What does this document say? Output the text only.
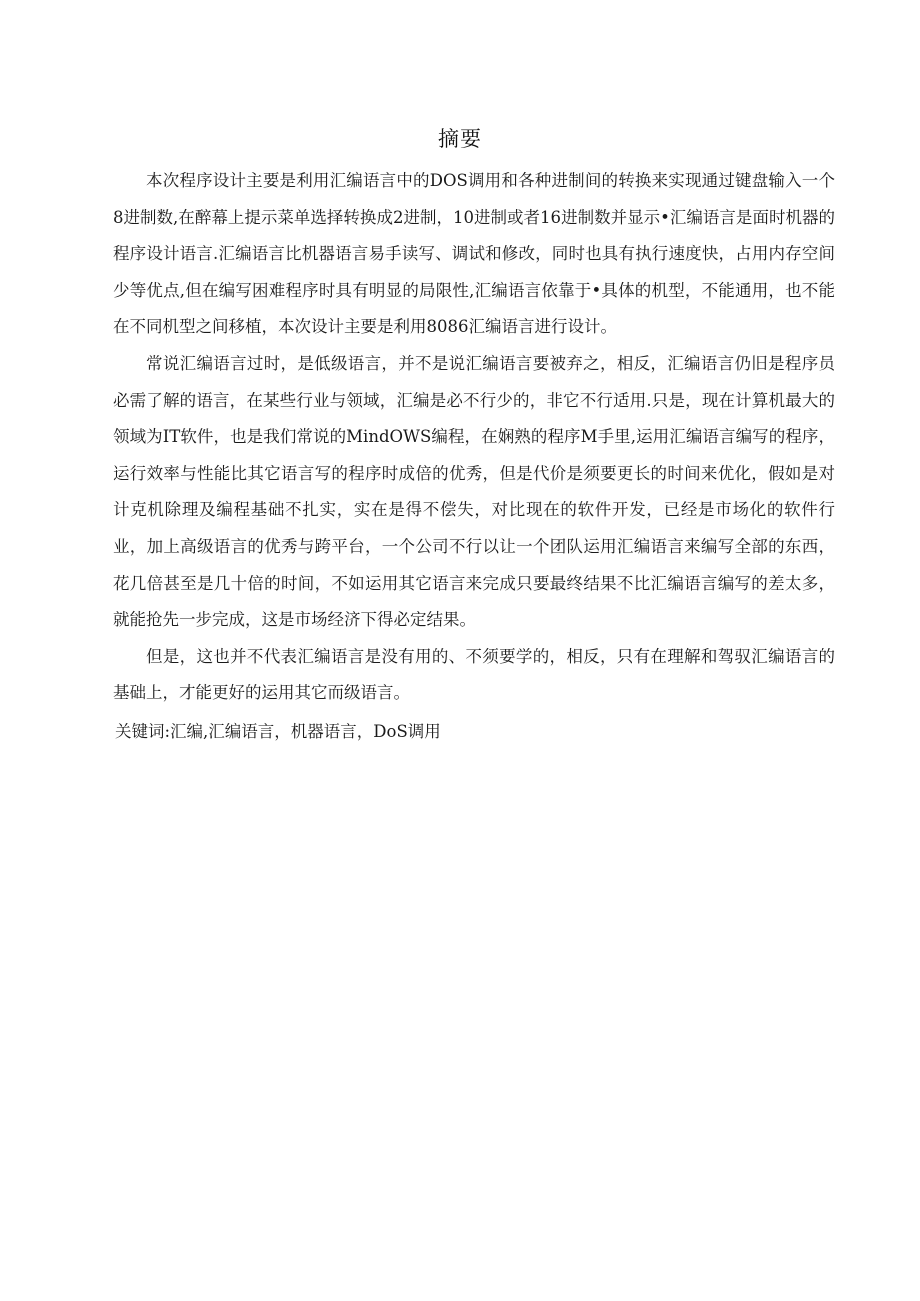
摘要

本次程序设计主要是利用汇编语言中的DOS调用和各种进制间的转换来实现通过键盘输入一个8进制数,在醉幕上提示菜单选择转换成2进制，10进制或者16进制数并显示•汇编语言是面时机器的程序设计语言.汇编语言比机器语言易手读写、调试和修改，同时也具有执行速度快，占用内存空间少等优点,但在编写困难程序时具有明显的局限性,汇编语言依靠于•具体的机型，不能通用，也不能在不同机型之间移植，本次设计主要是利用8086汇编语言进行设计。

常说汇编语言过时，是低级语言，并不是说汇编语言要被弃之，相反，汇编语言仍旧是程序员必需了解的语言，在某些行业与领域，汇编是必不行少的，非它不行适用.只是，现在计算机最大的领域为IT软件，也是我们常说的MindOWS编程，在娴熟的程序M手里,运用汇编语言编写的程序，运行效率与性能比其它语言写的程序时成倍的优秀，但是代价是须要更长的时间来优化，假如是对计克机除理及编程基础不扎实，实在是得不偿失，对比现在的软件开发，已经是市场化的软件行业，加上高级语言的优秀与跨平台，一个公司不行以让一个团队运用汇编语言来编写全部的东西，花几倍甚至是几十倍的时间，不如运用其它语言来完成只要最终结果不比汇编语言编写的差太多，就能抢先一步完成，这是市场经济下得必定结果。

但是，这也并不代表汇编语言是没有用的、不须要学的，相反，只有在理解和驾驭汇编语言的基础上，才能更好的运用其它而级语言。

关键词:汇编,汇编语言，机器语言，DoS调用
